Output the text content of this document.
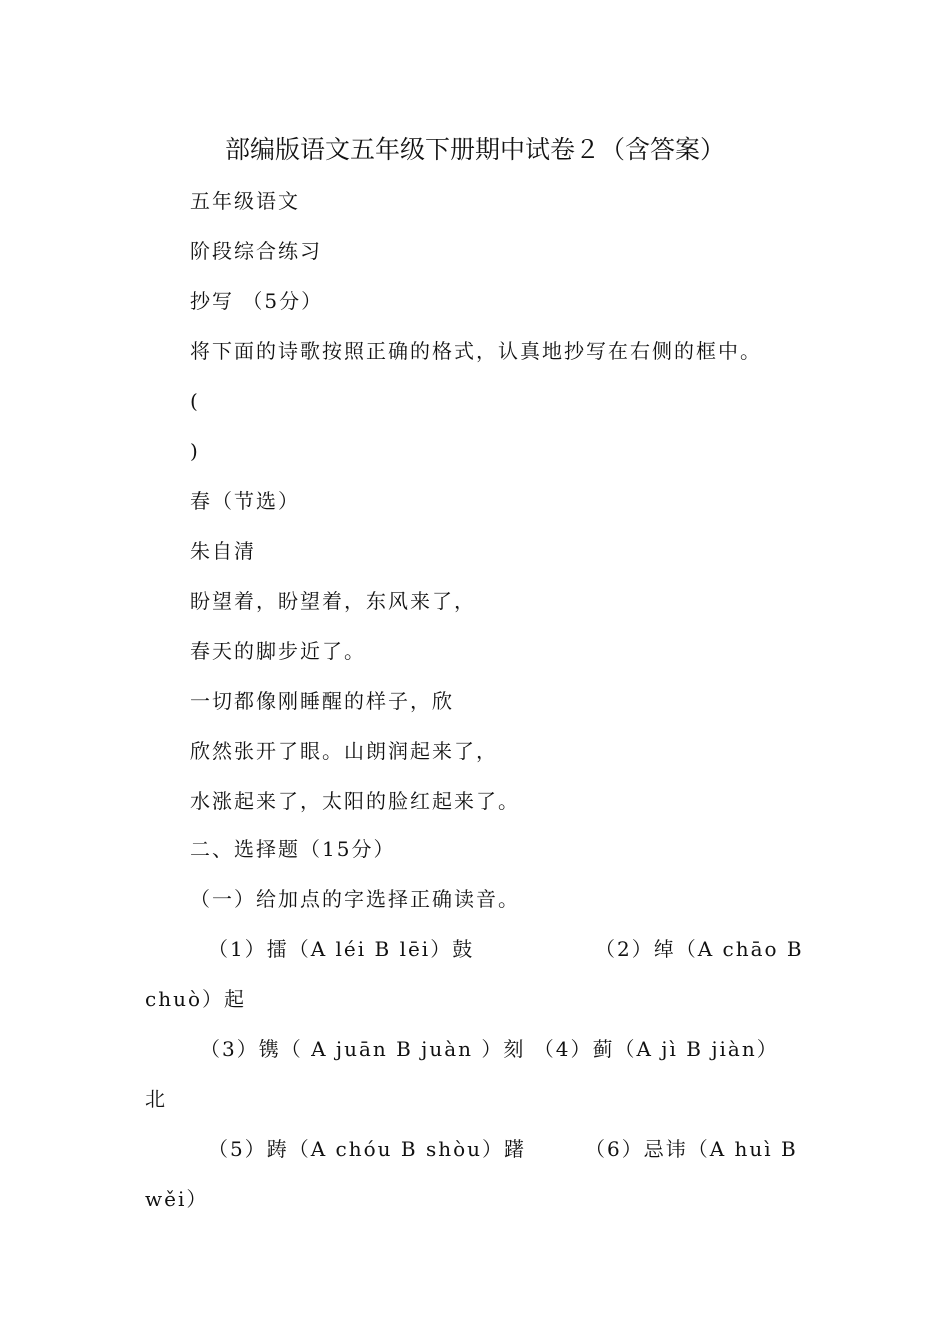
部编版语文五年级下册期中试卷２（含答案）
五年级语文
阶段综合练习
抄写 （5分）
将下面的诗歌按照正确的格式，认真地抄写在右侧的框中。
(
)
春（节选）
朱自清
盼望着，盼望着，东风来了，
春天的脚步近了。
一切都像刚睡醒的样子，欣
欣然张开了眼。山朗润起来了，
水涨起来了，太阳的脸红起来了。
二、选择题（15分）
（一）给加点的字选择正确读音。
（1）擂（A léi B lēi）鼓	（2）绰（A chāo B
chuò）起
（3）镌（ A juān B juàn ）刻 （4）蓟（A jì B jiàn）
北
（5）踌（A chóu B shòu）躇	（6）忌讳（A huì B
wěi）
